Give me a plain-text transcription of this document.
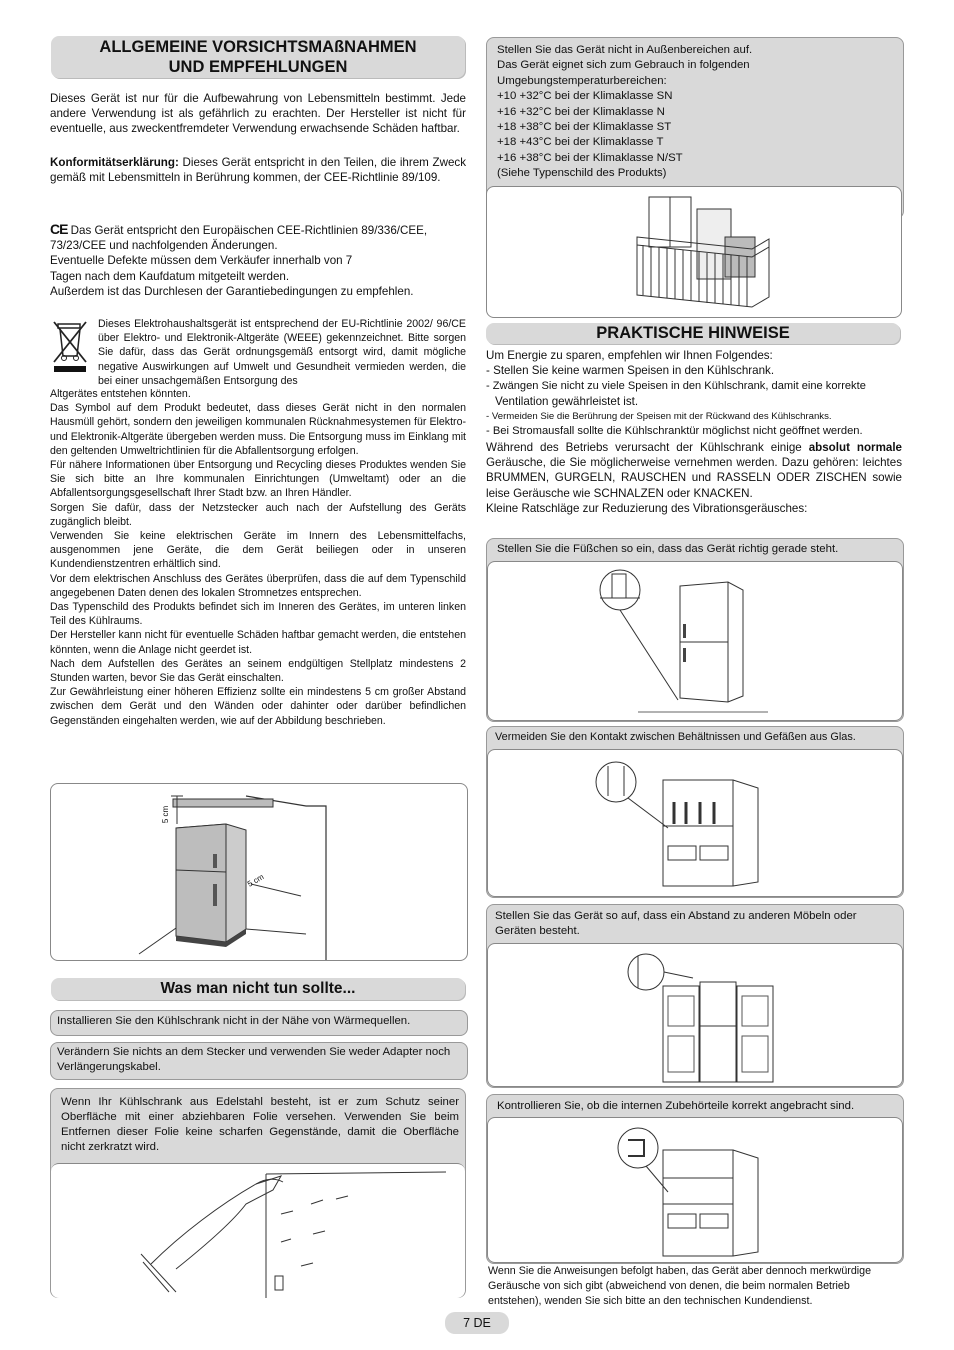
ALLGEMEINE VORSICHTSMAßNAHMEN
UND EMPFEHLUNGEN

Dieses Gerät ist nur für die Aufbewahrung von Lebensmitteln bestimmt. Jede andere Verwendung ist als gefährlich zu erachten. Der Hersteller ist nicht für eventuelle, aus zweckentfremdeter Verwendung erwachsende Schäden haftbar.

Konformitätserklärung: Dieses Gerät entspricht in den Teilen, die ihrem Zweck gemäß mit Lebensmitteln in Berührung kommen, der CEE-Richtlinie 89/109.

CE Das Gerät entspricht den Europäischen CEE-Richtlinien 89/336/CEE, 73/23/CEE und nachfolgenden Änderungen.
Eventuelle Defekte müssen dem Verkäufer innerhalb von 7
Tagen nach dem Kaufdatum mitgeteilt werden.
Außerdem ist das Durchlesen der Garantiebedingungen zu empfehlen.

Dieses Elektrohaushaltsgerät ist entsprechend der EU-Richtlinie 2002/ 96/CE über Elektro- und Elektronik-Altgeräte (WEEE) gekennzeichnet. Bitte sorgen Sie dafür, dass das Gerät ordnungsgemäß entsorgt wird, damit mögliche negative Auswirkungen auf Umwelt und Gesundheit vermieden werden, die bei einer unsachgemäßen Entsorgung des

Altgerätes entstehen könnten.

Das Symbol auf dem Produkt bedeutet, dass dieses Gerät nicht in den normalen Hausmüll gehört, sondern den jeweiligen kommunalen Rücknahmesystemen für Elektro- und Elektronik-Altgeräte übergeben werden muss. Die Entsorgung muss im Einklang mit den geltenden Umweltrichtlinien für die Abfallentsorgung erfolgen.

Für nähere Informationen über Entsorgung und Recycling dieses Produktes wenden Sie Sie sich bitte an Ihre kommunalen Einrichtungen (Umweltamt) oder an die Abfallentsorgungsgesellschaft Ihrer Stadt bzw. an Ihren Händler.

Sorgen Sie dafür, dass der Netzstecker auch nach der Aufstellung des Geräts zugänglich bleibt.

Verwenden Sie keine elektrischen Geräte im Innern des Lebensmittelfachs, ausgenommen jene Geräte, die dem Gerät beiliegen oder in unseren Kundendienstzentren erhältlich sind.

Vor dem elektrischen Anschluss des Gerätes überprüfen, dass die auf dem Typenschild angegebenen Daten denen des lokalen Stromnetzes entsprechen.

Das Typenschild des Produkts befindet sich im Inneren des Gerätes, im unteren linken Teil des Kühlraums.

Der Hersteller kann nicht für eventuelle Schäden haftbar gemacht werden, die entstehen könnten, wenn die Anlage nicht geerdet ist.

Nach dem Aufstellen des Gerätes an seinem endgültigen Stellplatz mindestens 2 Stunden warten, bevor Sie das Gerät einschalten.

Zur Gewährleistung einer höheren Effizienz sollte ein mindestens 5 cm großer Abstand zwischen dem Gerät und den Wänden oder dahinter oder darüber befindlichen Gegenständen eingehalten werden, wie auf der Abbildung beschrieben.

5 cm
5 cm
Was man nicht tun sollte...
Installieren Sie den Kühlschrank nicht in der Nähe von Wärmequellen.
Verändern Sie nichts an dem Stecker und verwenden Sie weder Adapter noch Verlängerungskabel.

Wenn Ihr Kühlschrank aus Edelstahl besteht, ist er zum Schutz seiner Oberfläche mit einer abziehbaren Folie versehen. Verwenden Sie beim Entfernen dieser Folie keine scharfen Gegenstände, damit die Oberfläche nicht zerkratzt wird.

Stellen Sie das Gerät nicht in Außenbereichen auf.
Das Gerät eignet sich zum Gebrauch in folgenden
Umgebungstemperaturbereichen:
+10 +32°C bei der Klimaklasse SN
+16 +32°C bei der Klimaklasse N
+18 +38°C bei der Klimaklasse ST
+18 +43°C bei der Klimaklasse T
+16 +38°C bei der Klimaklasse N/ST
(Siehe Typenschild des Produkts)
PRAKTISCHE HINWEISE
Um Energie zu sparen, empfehlen wir Ihnen Folgendes:
- Stellen Sie keine warmen Speisen in den Kühlschrank.
- Zwängen Sie nicht zu viele Speisen in den Kühlschrank, damit eine korrekte
Ventilation gewährleistet ist.
- Vermeiden Sie die Berührung der Speisen mit der Rückwand des Kühlschranks.
- Bei Stromausfall sollte die Kühlschranktür möglichst nicht geöffnet werden.

Während des Betriebs verursacht der Kühlschrank einige absolut normale Geräusche, die Sie möglicherweise vernehmen werden. Dazu gehören: leichtes BRUMMEN, GURGELN, RAUSCHEN und RASSELN ODER ZISCHEN sowie leise Geräusche wie SCHNALZEN oder KNACKEN.

Kleine Ratschläge zur Reduzierung des Vibrationsgeräusches:
Stellen Sie die Füßchen so ein, dass das Gerät richtig gerade steht.
Vermeiden Sie den Kontakt zwischen Behältnissen und Gefäßen aus Glas.
Stellen Sie das Gerät so auf, dass ein Abstand zu anderen Möbeln oder Geräten besteht.
Kontrollieren Sie, ob die internen Zubehörteile korrekt angebracht sind.

Wenn Sie die Anweisungen befolgt haben, das Gerät aber dennoch merkwürdige Geräusche von sich gibt (abweichend von denen, die beim normalen Betrieb entstehen), wenden Sie sich bitte an den technischen Kundendienst.

7 DE
